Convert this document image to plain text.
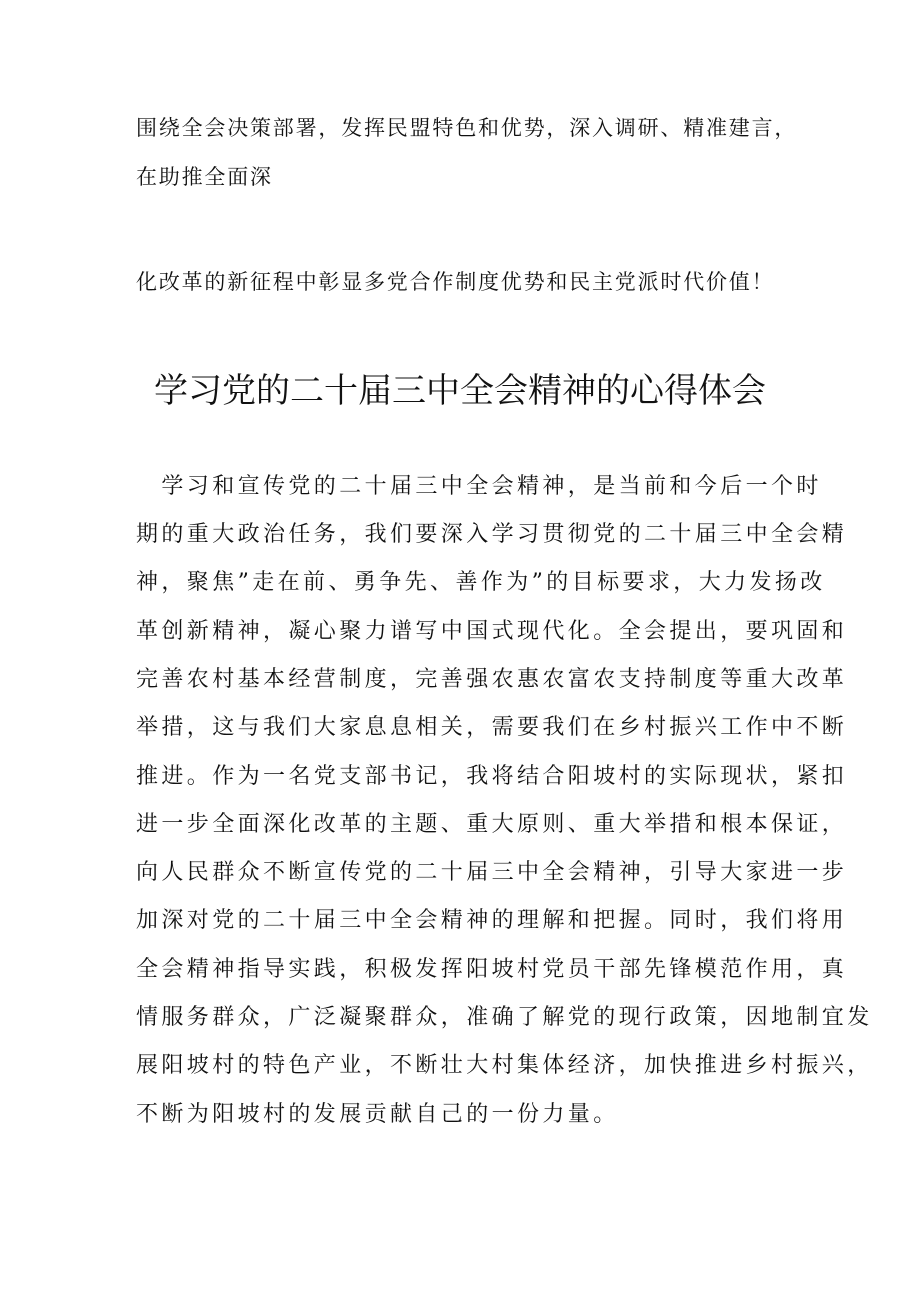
围绕全会决策部署，发挥民盟特色和优势，深入调研、精准建言，

在助推全面深

化改革的新征程中彰显多党合作制度优势和民主党派时代价值！

学习党的二十届三中全会精神的心得体会

　学习和宣传党的二十届三中全会精神，是当前和今后一个时

期的重大政治任务，我们要深入学习贯彻党的二十届三中全会精

神，聚焦”走在前、勇争先、善作为”的目标要求，大力发扬改

革创新精神，凝心聚力谱写中国式现代化。全会提出，要巩固和

完善农村基本经营制度，完善强农惠农富农支持制度等重大改革

举措，这与我们大家息息相关，需要我们在乡村振兴工作中不断

推进。作为一名党支部书记，我将结合阳坡村的实际现状，紧扣

进一步全面深化改革的主题、重大原则、重大举措和根本保证，

向人民群众不断宣传党的二十届三中全会精神，引导大家进一步

加深对党的二十届三中全会精神的理解和把握。同时，我们将用

全会精神指导实践，积极发挥阳坡村党员干部先锋模范作用，真

情服务群众，广泛凝聚群众，准确了解党的现行政策，因地制宜发

展阳坡村的特色产业，不断壮大村集体经济，加快推进乡村振兴，

不断为阳坡村的发展贡献自己的一份力量。
